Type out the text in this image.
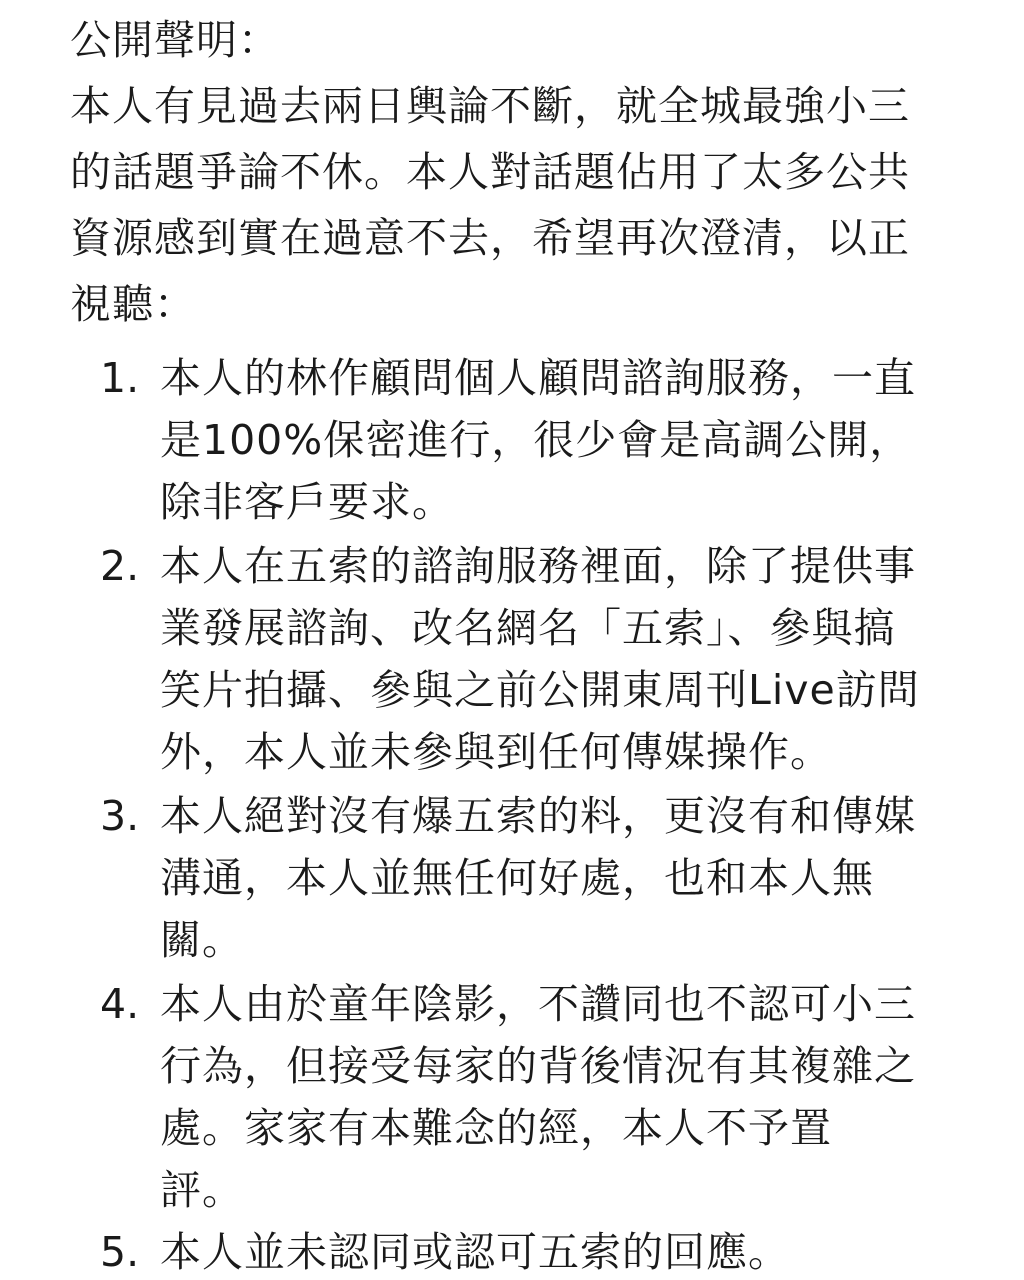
公開聲明：
本人有見過去兩日輿論不斷，就全城最強小三
的話題爭論不休。本人對話題佔用了太多公共
資源感到實在過意不去，希望再次澄清，以正
視聽：
1. 本人的林作顧問個人顧問諮詢服務，一直
是100%保密進行，很少會是高調公開，
除非客戶要求。
2. 本人在五索的諮詢服務裡面，除了提供事
業發展諮詢、改名網名「五索」、參與搞
笑片拍攝、參與之前公開東周刊Live訪問
外，本人並未參與到任何傳媒操作。
3. 本人絕對沒有爆五索的料，更沒有和傳媒
溝通，本人並無任何好處，也和本人無
關。
4. 本人由於童年陰影，不讚同也不認可小三
行為，但接受每家的背後情況有其複雜之
處。家家有本難念的經，本人不予置
評。
5. 本人並未認同或認可五索的回應。
